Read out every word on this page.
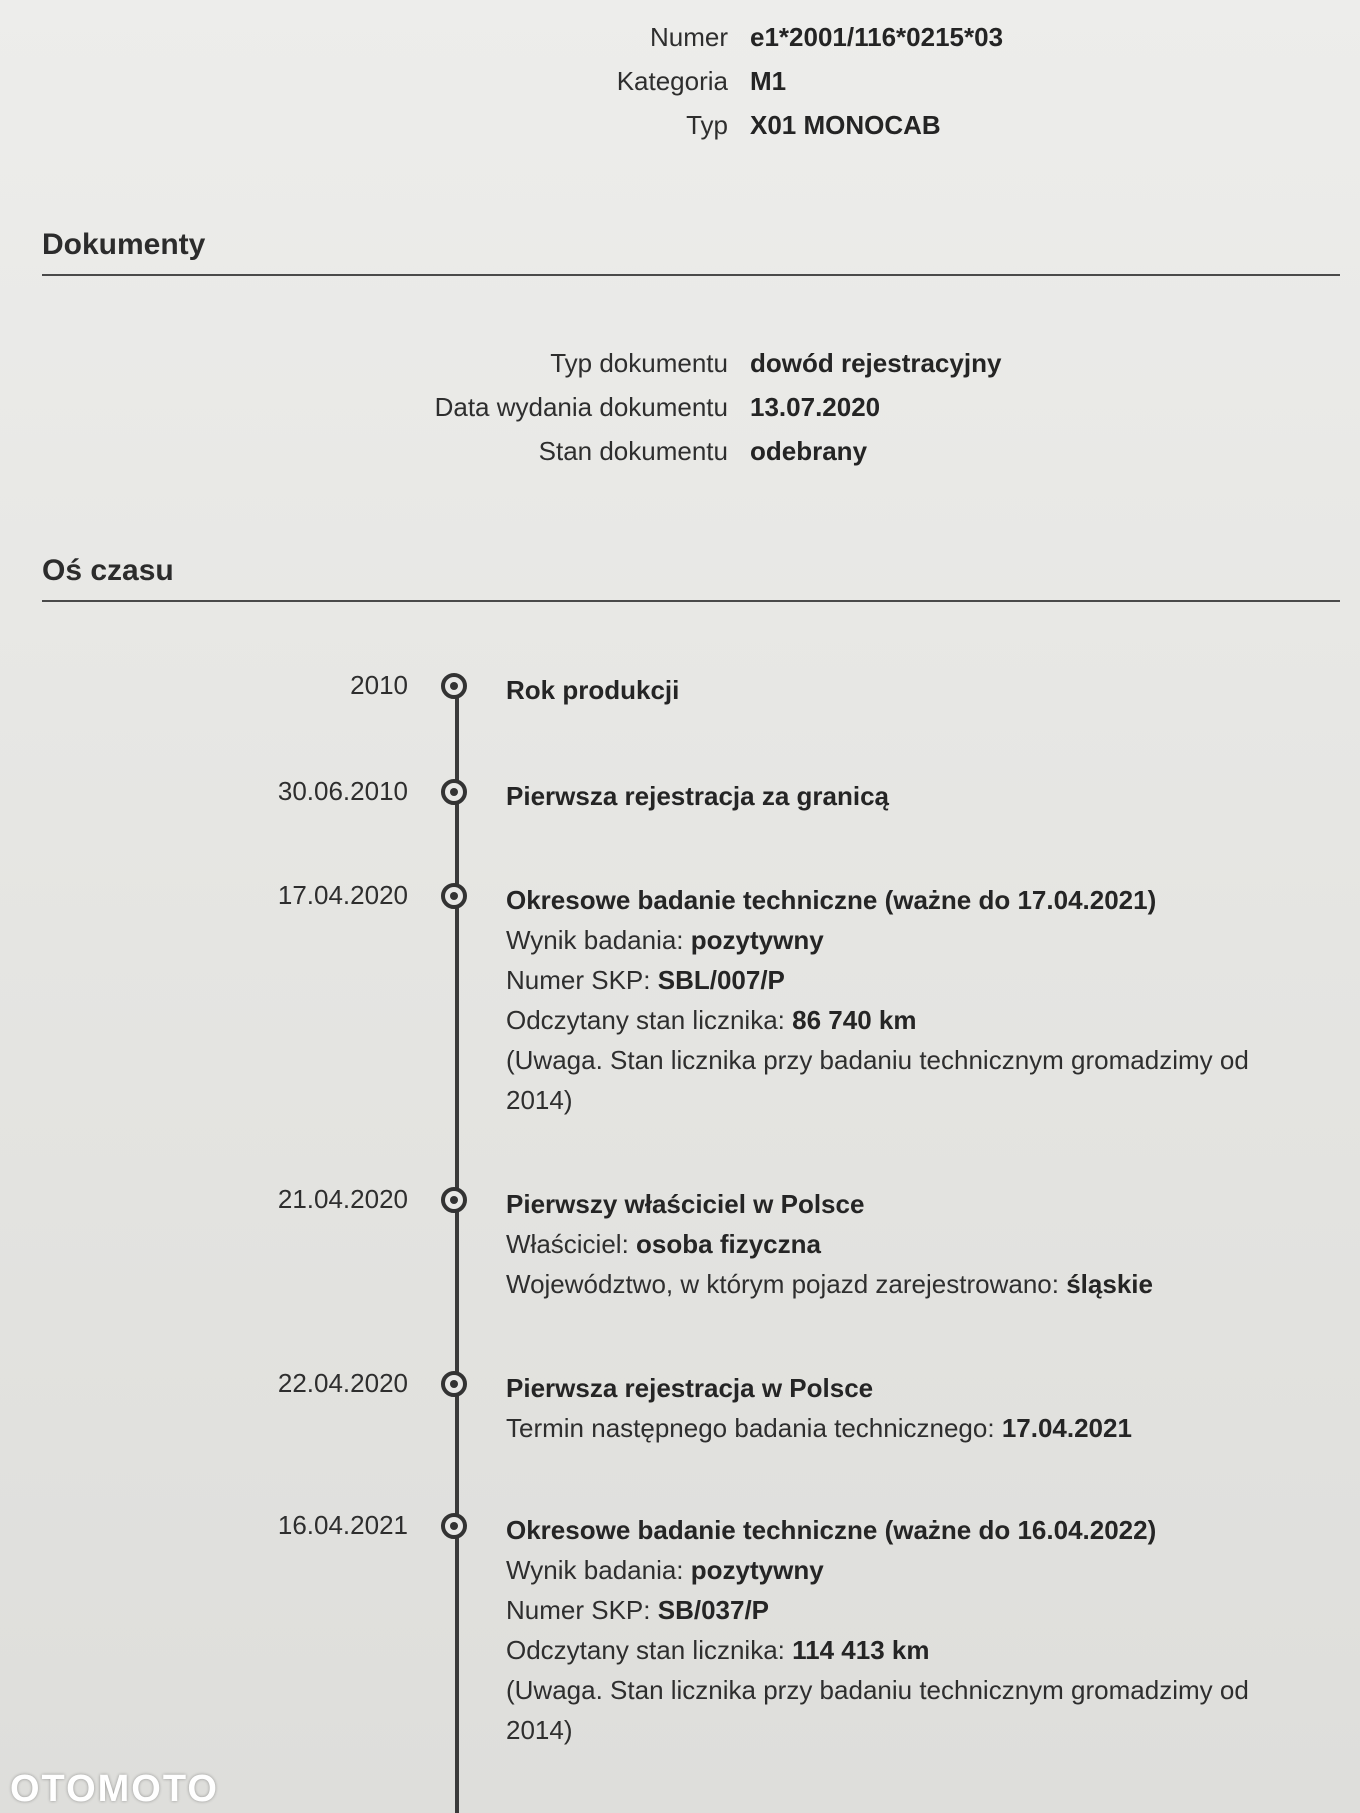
Numer e1*2001/116*0215*03
Kategoria M1
Typ X01 MONOCAB
Dokumenty
Typ dokumentu dowód rejestracyjny
Data wydania dokumentu 13.07.2020
Stan dokumentu odebrany
Oś czasu
2010	Rok produkcji
30.06.2010	Pierwsza rejestracja za granicą
17.04.2020	Okresowe badanie techniczne (ważne do 17.04.2021)
Wynik badania: pozytywny
Numer SKP: SBL/007/P
Odczytany stan licznika: 86 740 km
(Uwaga. Stan licznika przy badaniu technicznym gromadzimy od 2014)
21.04.2020	Pierwszy właściciel w Polsce
Właściciel: osoba fizyczna
Województwo, w którym pojazd zarejestrowano: śląskie
22.04.2020	Pierwsza rejestracja w Polsce
Termin następnego badania technicznego: 17.04.2021
16.04.2021	Okresowe badanie techniczne (ważne do 16.04.2022)
Wynik badania: pozytywny
Numer SKP: SB/037/P
Odczytany stan licznika: 114 413 km
(Uwaga. Stan licznika przy badaniu technicznym gromadzimy od 2014)
OTOMOTO
